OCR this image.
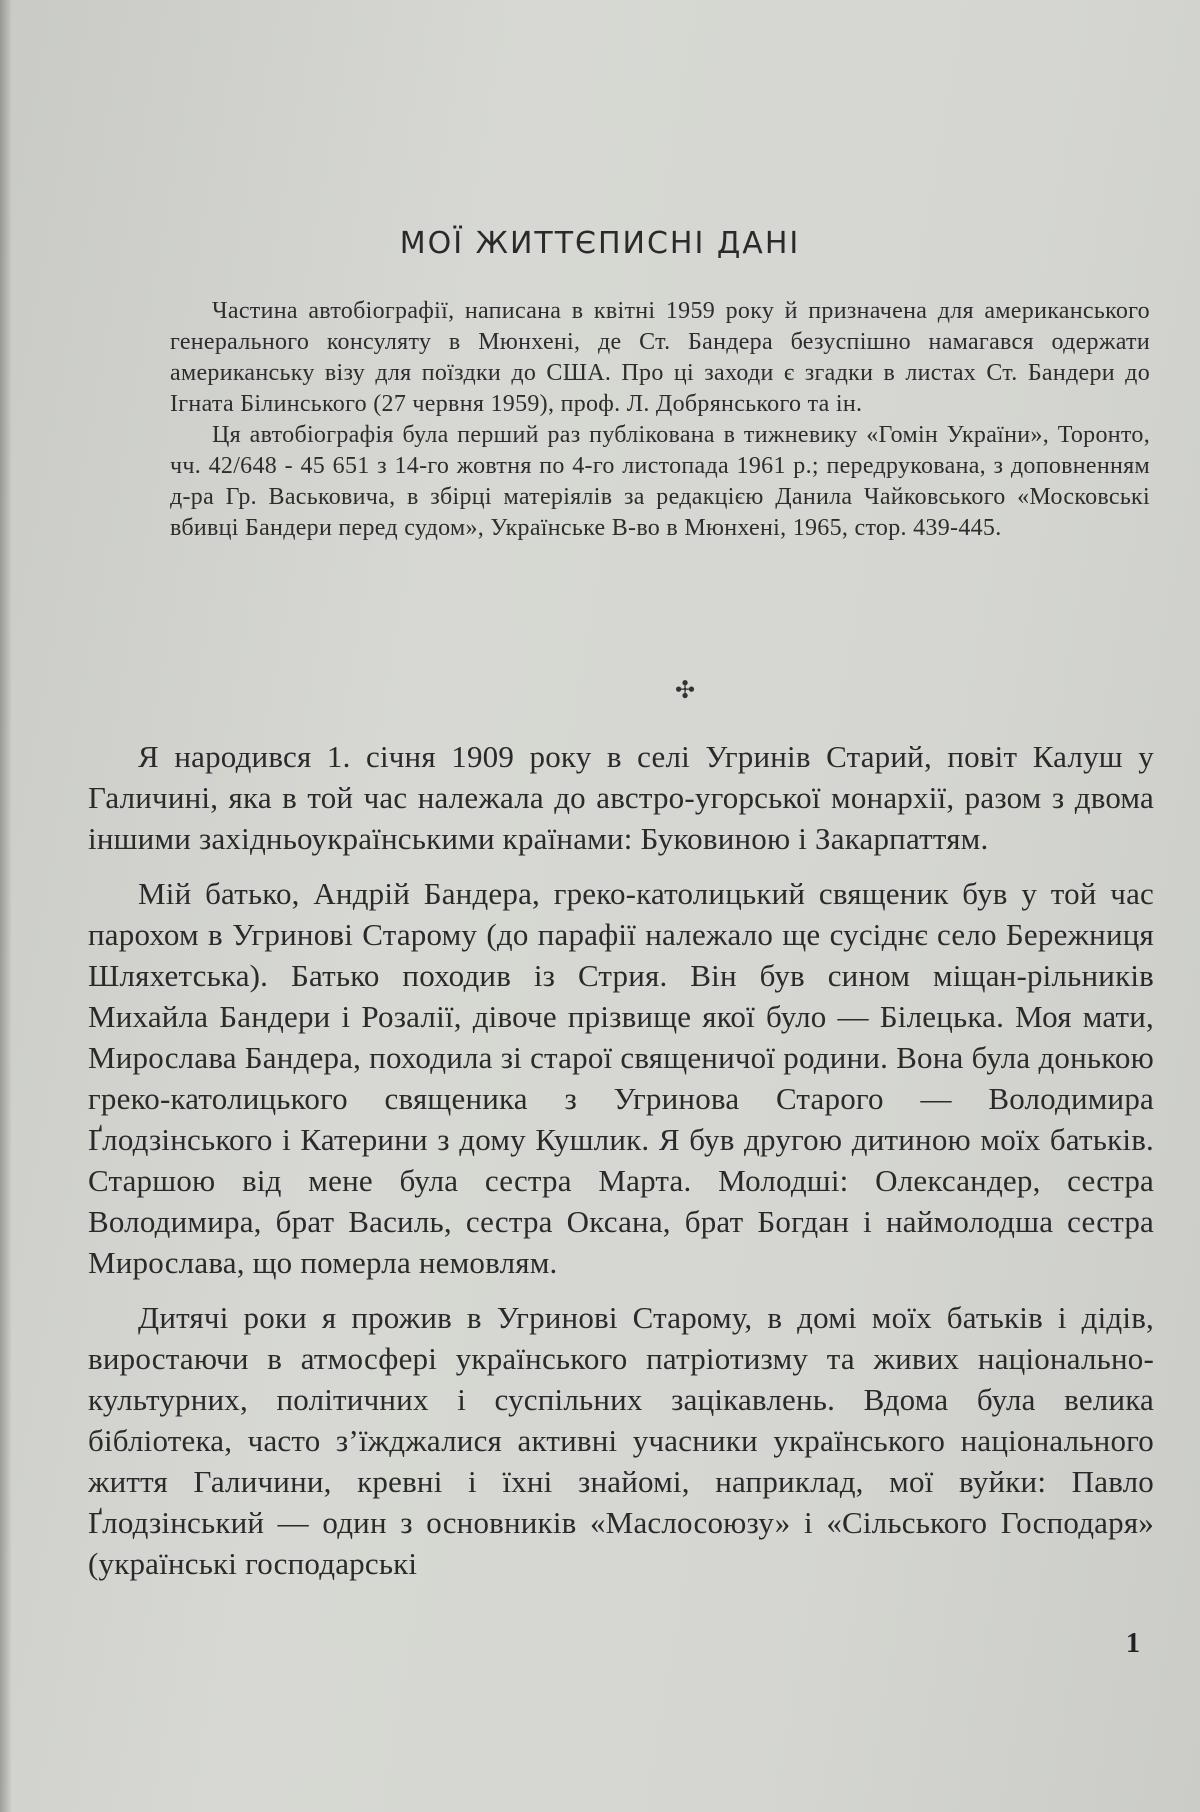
МОЇ ЖИТТЄПИСНІ ДАНІ

Частина автобіографії, написана в квітні 1959 року й призначена для американського генерального консуляту в Мюнхені, де Ст. Бандера безуспішно намагався одержати американську візу для поїздки до США. Про ці заходи є згадки в листах Ст. Бандери до Ігната Білинського (27 червня 1959), проф. Л. Добрянського та ін.

Ця автобіографія була перший раз публікована в тижневику «Гомін України», Торонто, чч. 42/648 - 45 651 з 14-го жовтня по 4-го листопада 1961 р.; передрукована, з доповненням д-ра Гр. Васьковича, в збірці матеріялів за редакцією Данила Чайковського «Московські вбивці Бандери перед судом», Українське В-во в Мюнхені, 1965, стор. 439-445.

✣

Я народився 1. січня 1909 року в селі Угринів Старий, повіт Калуш у Галичині, яка в той час належала до австро-угорської монархії, разом з двома іншими західньоукраїнськими країнами: Буковиною і Закарпаттям.

Мій батько, Андрій Бандера, греко-католицький священик був у той час парохом в Угринові Старому (до парафії належало ще сусіднє село Бережниця Шляхетська). Батько походив із Стрия. Він був сином міщан-рільників Михайла Бандери і Розалії, дівоче прізвище якої було — Білецька. Моя мати, Мирослава Бандера, походила зі старої священичої родини. Вона була донькою греко-католицького священика з Угринова Старого — Володимира Ґлодзінського і Катерини з дому Кушлик. Я був другою дитиною моїх батьків. Старшою від мене була сестра Марта. Молодші: Олександер, сестра Володимира, брат Василь, сестра Оксана, брат Богдан і наймолодша сестра Мирослава, що померла немовлям.

Дитячі роки я прожив в Угринові Старому, в домі моїх батьків і дідів, виростаючи в атмосфері українського патріотизму та живих національно-культурних, політичних і суспільних зацікавлень. Вдома була велика бібліотека, часто з’їжджалися активні учасники українського національного життя Галичини, кревні і їхні знайомі, наприклад, мої вуйки: Павло Ґлодзінський — один з основників «Маслосоюзу» і «Сільського Господаря» (українські господарські

1
